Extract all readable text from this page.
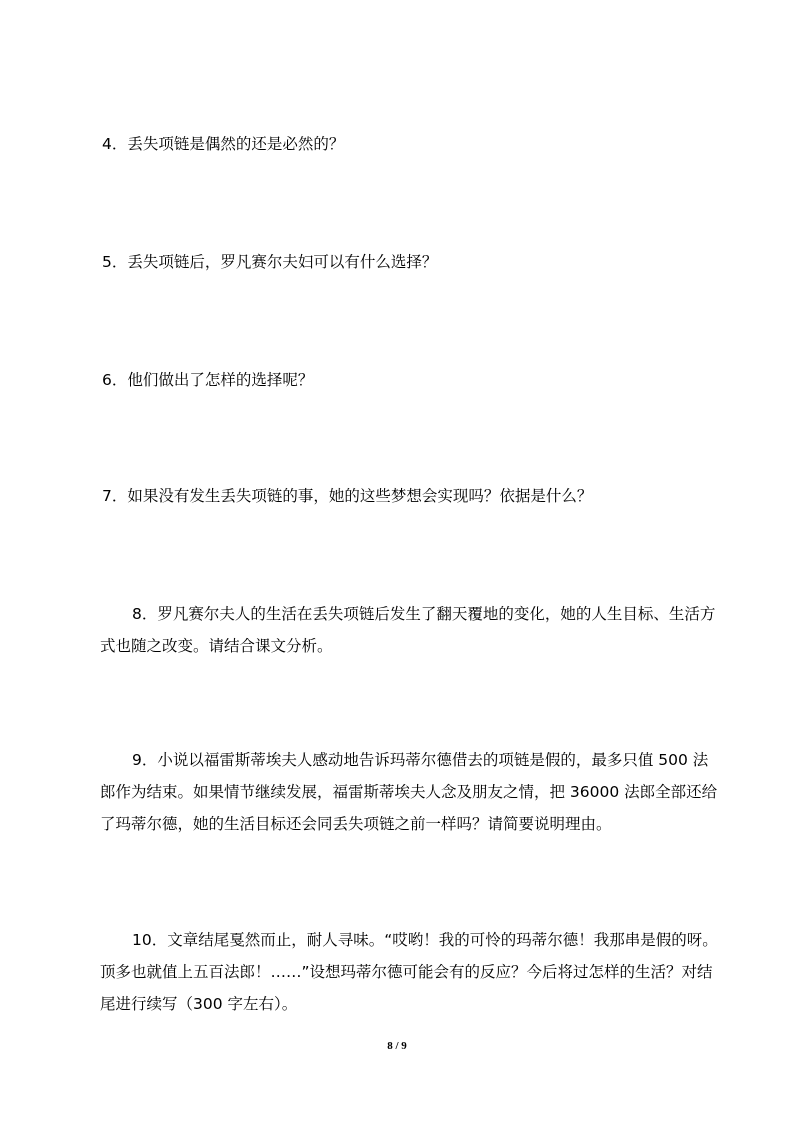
4．丢失项链是偶然的还是必然的？

5．丢失项链后，罗凡赛尔夫妇可以有什么选择？

6．他们做出了怎样的选择呢？

7．如果没有发生丢失项链的事，她的这些梦想会实现吗？依据是什么？

8．罗凡赛尔夫人的生活在丢失项链后发生了翻天覆地的变化，她的人生目标、生活方式也随之改变。请结合课文分析。

9．小说以福雷斯蒂埃夫人感动地告诉玛蒂尔德借去的项链是假的，最多只值 500 法郎作为结束。如果情节继续发展，福雷斯蒂埃夫人念及朋友之情，把 36000 法郎全部还给了玛蒂尔德，她的生活目标还会同丢失项链之前一样吗？请简要说明理由。

10．文章结尾戛然而止，耐人寻味。“哎哟！我的可怜的玛蒂尔德！我那串是假的呀。顶多也就值上五百法郎！……”设想玛蒂尔德可能会有的反应？今后将过怎样的生活？对结尾进行续写（300 字左右）。

8 / 9
